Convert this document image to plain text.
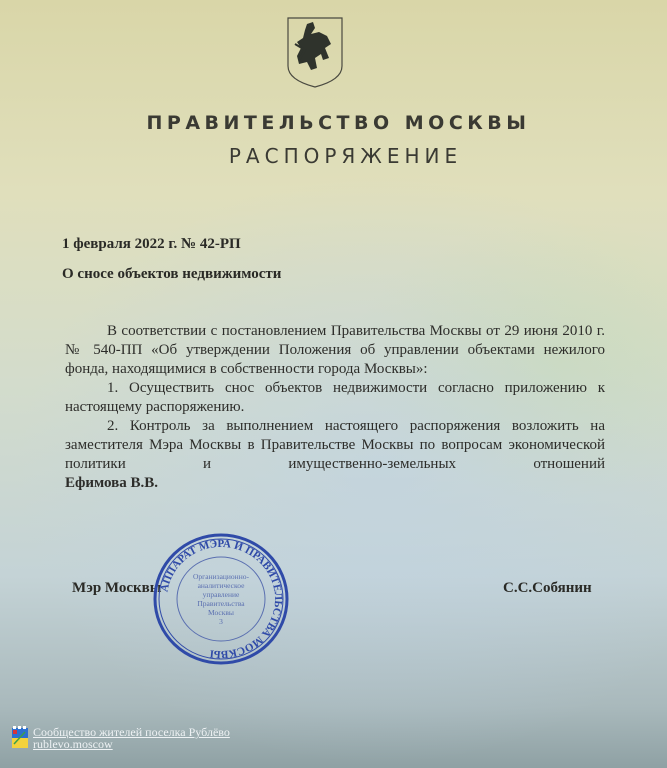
ПРАВИТЕЛЬСТВО МОСКВЫ
РАСПОРЯЖЕНИЕ
1 февраля 2022 г. № 42-РП
О сносе объектов недвижимости

В соответствии с постановлением Правительства Москвы от 29 июня 2010 г. № 540-ПП «Об утверждении Положения об управлении объектами нежилого фонда, находящимися в собственности города Москвы»:

1. Осуществить снос объектов недвижимости согласно приложению к настоящему распоряжению.

2. Контроль за выполнением настоящего распоряжения возложить на заместителя Мэра Москвы в Правительстве Москвы по вопросам экономической политики и имущественно-земельных отношений

Ефимова В.В.
Мэр Москвы	С.С.Собянин
АППАРАТ МЭРА И ПРАВИТЕЛЬСТВА МОСКВЫ
Организационно-
аналитическое
управление
Правительства
Москвы
3
Сообщество жителей поселка Рублёво
rublevo.moscow
